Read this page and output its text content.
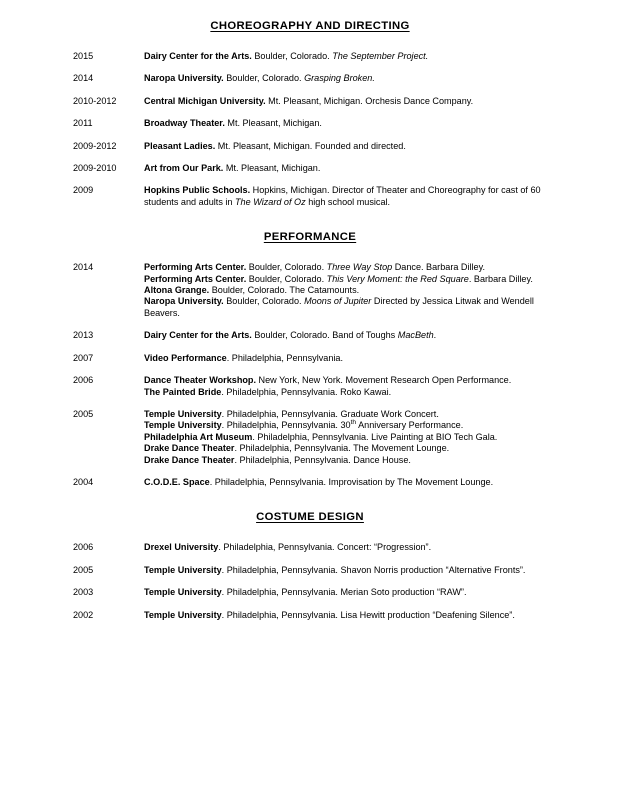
CHOREOGRAPHY AND DIRECTING
2015	Dairy Center for the Arts. Boulder, Colorado. The September Project.
2014	Naropa University. Boulder, Colorado. Grasping Broken.
2010-2012	Central Michigan University. Mt. Pleasant, Michigan. Orchesis Dance Company.
2011	Broadway Theater. Mt. Pleasant, Michigan.
2009-2012	Pleasant Ladies. Mt. Pleasant, Michigan. Founded and directed.
2009-2010	Art from Our Park. Mt. Pleasant, Michigan.
2009	Hopkins Public Schools. Hopkins, Michigan. Director of Theater and Choreography for cast of 60 students and adults in The Wizard of Oz high school musical.
PERFORMANCE
2014	Performing Arts Center. Boulder, Colorado. Three Way Stop Dance. Barbara Dilley.
Performing Arts Center. Boulder, Colorado. This Very Moment: the Red Square. Barbara Dilley.
Altona Grange. Boulder, Colorado. The Catamounts.
Naropa University. Boulder, Colorado. Moons of Jupiter Directed by Jessica Litwak and Wendell Beavers.
2013	Dairy Center for the Arts. Boulder, Colorado. Band of Toughs MacBeth.
2007	Video Performance. Philadelphia, Pennsylvania.
2006	Dance Theater Workshop. New York, New York. Movement Research Open Performance.
The Painted Bride. Philadelphia, Pennsylvania. Roko Kawai.
2005	Temple University. Philadelphia, Pennsylvania. Graduate Work Concert.
Temple University. Philadelphia, Pennsylvania. 30th Anniversary Performance.
Philadelphia Art Museum. Philadelphia, Pennsylvania. Live Painting at BIO Tech Gala.
Drake Dance Theater. Philadelphia, Pennsylvania. The Movement Lounge.
Drake Dance Theater. Philadelphia, Pennsylvania. Dance House.
2004	C.O.D.E. Space. Philadelphia, Pennsylvania. Improvisation by The Movement Lounge.
COSTUME DESIGN
2006	Drexel University. Philadelphia, Pennsylvania. Concert: “Progression”.
2005	Temple University. Philadelphia, Pennsylvania. Shavon Norris production “Alternative Fronts”.
2003	Temple University. Philadelphia, Pennsylvania. Merian Soto production “RAW”.
2002	Temple University. Philadelphia, Pennsylvania. Lisa Hewitt production “Deafening Silence”.
